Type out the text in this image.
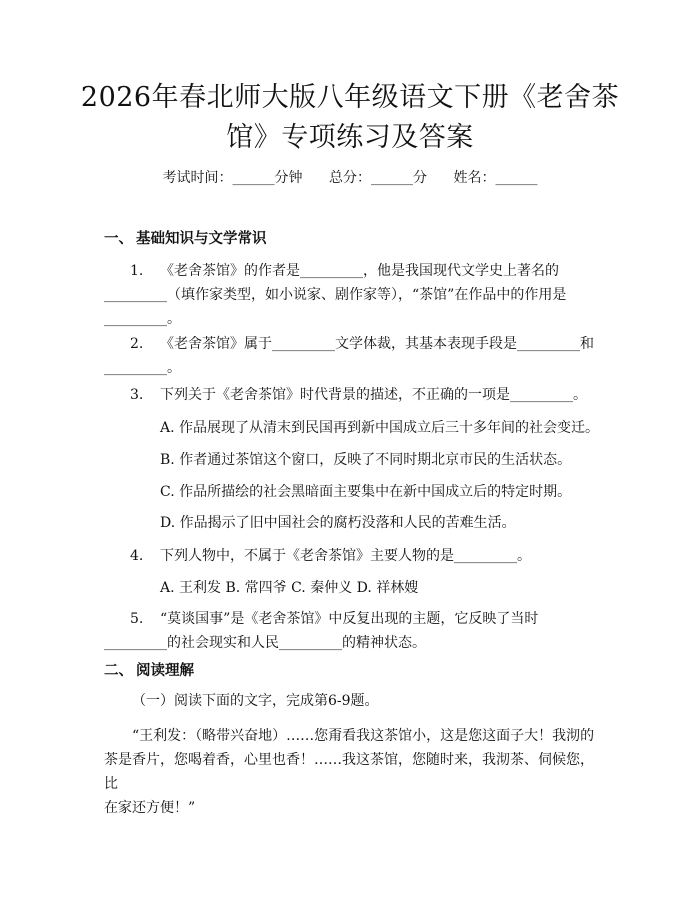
2026年春北师大版八年级语文下册《老舍茶
馆》专项练习及答案
考试时间：______分钟 总分：______分 姓名：______
一、 基础知识与文学常识
1.	《老舍茶馆》的作者是_________，他是我国现代文学史上著名的
_________（填作家类型，如小说家、剧作家等），“茶馆”在作品中的作用是
_________。
2.	《老舍茶馆》属于_________文学体裁，其基本表现手段是_________和
_________。
3.	下列关于《老舍茶馆》时代背景的描述，不正确的一项是_________。
A. 作品展现了从清末到民国再到新中国成立后三十多年间的社会变迁。
B. 作者通过茶馆这个窗口，反映了不同时期北京市民的生活状态。
C. 作品所描绘的社会黑暗面主要集中在新中国成立后的特定时期。
D. 作品揭示了旧中国社会的腐朽没落和人民的苦难生活。
4.	下列人物中，不属于《老舍茶馆》主要人物的是_________。
A. 王利发 B. 常四爷 C. 秦仲义 D. 祥林嫂
5.	“莫谈国事”是《老舍茶馆》中反复出现的主题，它反映了当时
_________的社会现实和人民_________的精神状态。
二、 阅读理解
（一）阅读下面的文字，完成第6-9题。
“王利发：（略带兴奋地）……您甭看我这茶馆小，这是您这面子大！我沏的
茶是香片，您喝着香，心里也香！……我这茶馆，您随时来，我沏茶、伺候您，比
在家还方便！”
